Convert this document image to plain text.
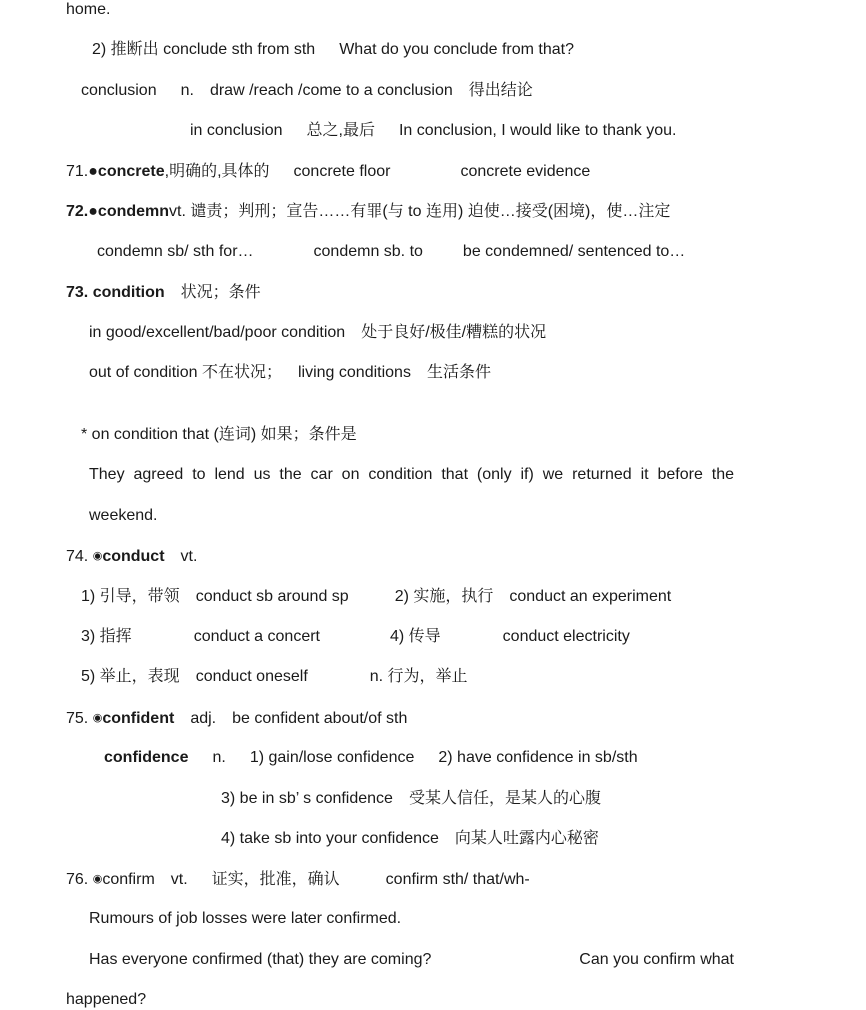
home.
2) 推断出 conclude sth from sth What do you conclude from that?
conclusion n. draw /reach /come to a conclusion 得出结论
in conclusion 总之,最后 In conclusion, I would like to thank you.
71.●concrete,明确的,具体的 concrete floor	concrete evidence
72.●condemnvt. 谴责；判刑；宣告……有罪(与 to 连用) 迫使…接受(困境)，使…注定
condemn sb/ sth for…	condemn sb. to	be condemned/ sentenced to…
73. condition 状况；条件
in good/excellent/bad/poor condition 处于良好/极佳/糟糕的状况
out of condition 不在状况； living conditions 生活条件
* on condition that (连词) 如果；条件是
They agreed to lend us the car on condition that (only if) we returned it before the
weekend.
74. ◉conduct vt.
1) 引导，带领 conduct sb around sp	2) 实施，执行 conduct an experiment
3) 指挥	conduct a concert	4) 传导	conduct electricity
5) 举止，表现 conduct oneself	n. 行为，举止
75. ◉confident adj. be confident about/of sth
confidence n. 1) gain/lose confidence 2) have confidence in sb/sth
3) be in sb’ s confidence 受某人信任，是某人的心腹
4) take sb into your confidence 向某人吐露内心秘密
76. ◉confirm vt. 证实，批准，确认	confirm sth/ that/wh-
Rumours of job losses were later confirmed.
Has everyone confirmed (that) they are coming?	Can you confirm what
happened?
